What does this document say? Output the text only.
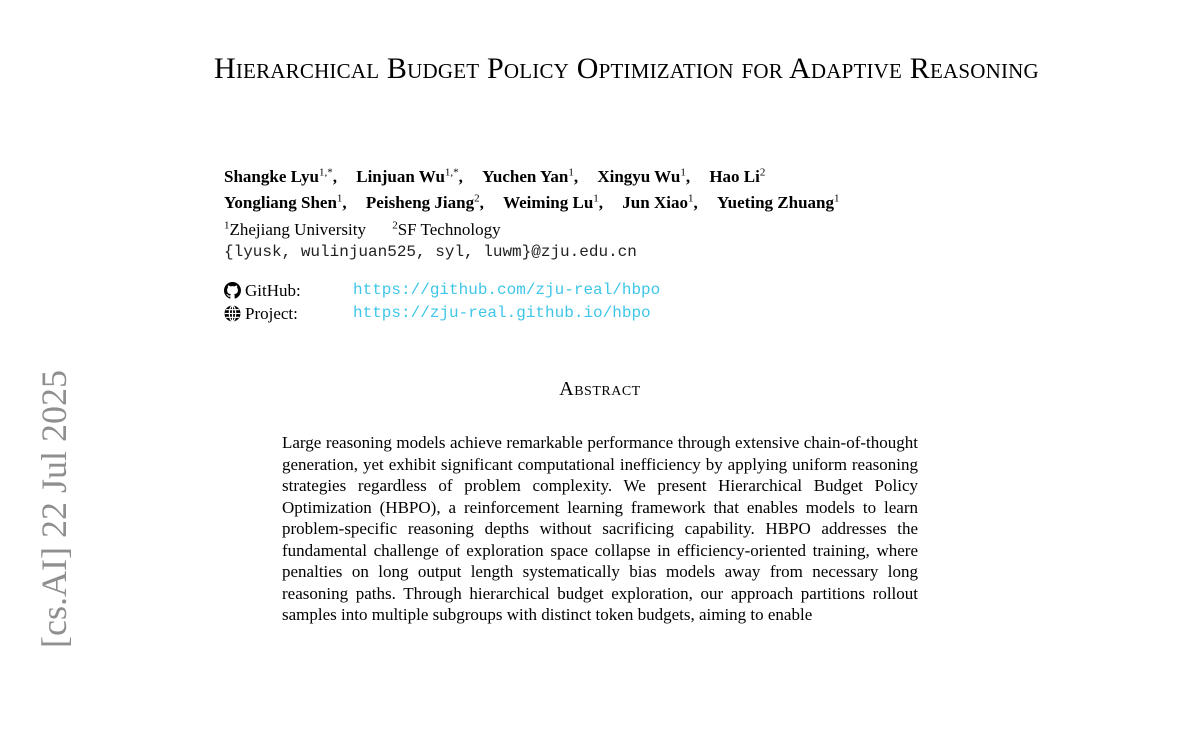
Hierarchical Budget Policy Optimization for Adaptive Reasoning
Shangke Lyu$^{1,*}$, Linjuan $Wu^{1,*}$, Yuchen Yan$^1$, Xingyu Wu$^1$, Hao Li$^2$
Yongliang Shen$^1$, Peisheng Jiang$^2$, Weiming Lu$^1$, Jun Xiao$^1$, Yueting Zhuang$^1$
$^1$Zhejiang University $^2$SF Technology
{lyusk, wulinjuan525, syl, luwm}@zju.edu.cn
GitHub:	https://github.com/zju-real/hbpo
Project:	https://zju-real.github.io/hbpo
Abstract

Large reasoning models achieve remarkable performance through extensive chain-of-thought generation, yet exhibit significant computational inefficiency by applying uniform reasoning strategies regardless of problem complexity. We present Hierarchical Budget Policy Optimization (HBPO), a reinforcement learning framework that enables models to learn problem-specific reasoning depths without sacrificing capability. HBPO addresses the fundamental challenge of exploration space collapse in efficiency-oriented training, where penalties on long output length systematically bias models away from necessary long reasoning paths. Through hierarchical budget exploration, our approach partitions rollout samples into multiple subgroups with distinct token budgets, aiming to enable

[cs.AI] 22 Jul 2025
